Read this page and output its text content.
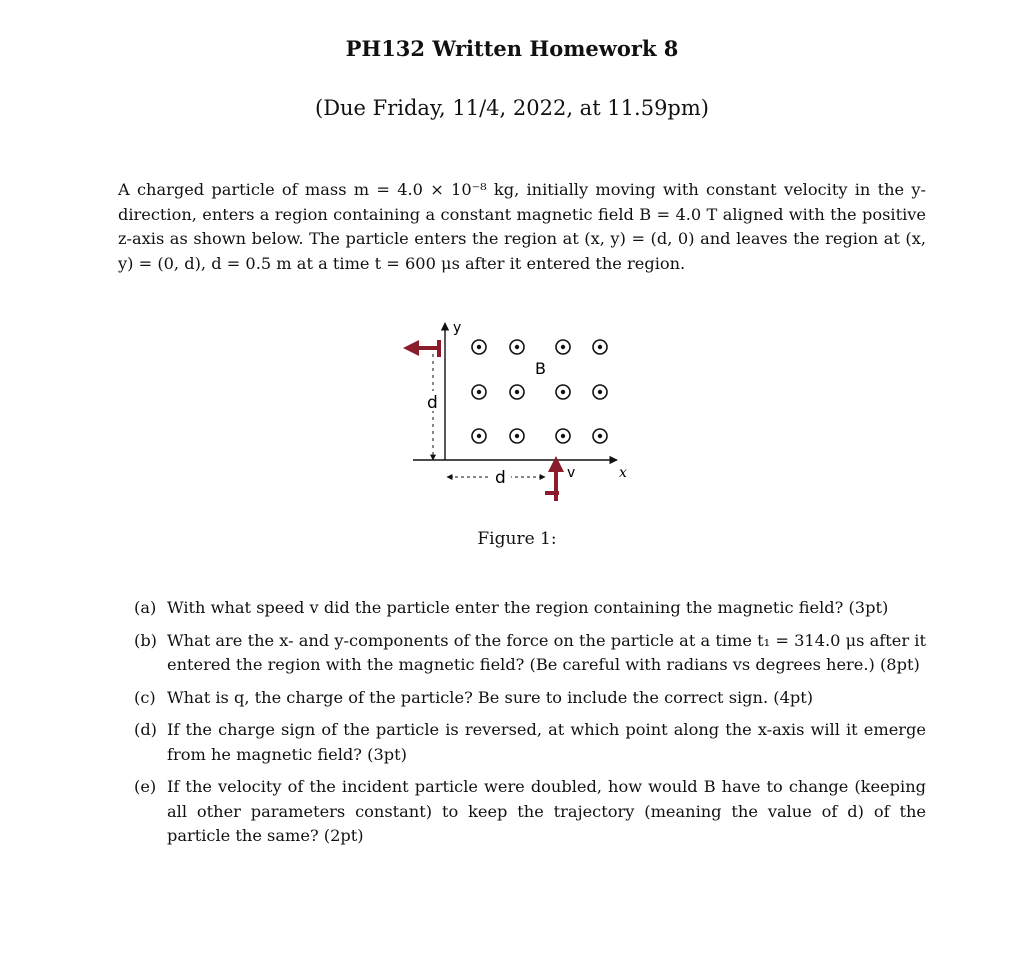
PH132 Written Homework 8
(Due Friday, 11/4, 2022, at 11.59pm)

A charged particle of mass m = 4.0 × 10⁻⁸ kg, initially moving with constant velocity in the y-direction, enters a region containing a constant magnetic field B = 4.0 T aligned with the positive z-axis as shown below. The particle enters the region at (x, y) = (d, 0) and leaves the region at (x, y) = (0, d), d = 0.5 m at a time t = 600 μs after it entered the region.

y
x
d
d
B
v
Figure 1:
(a) With what speed v did the particle enter the region containing the magnetic field? (3pt)
(b) What are the x- and y-components of the force on the particle at a time t₁ = 314.0 μs after it entered the region with the magnetic field? (Be careful with radians vs degrees here.) (8pt)
(c) What is q, the charge of the particle? Be sure to include the correct sign. (4pt)
(d) If the charge sign of the particle is reversed, at which point along the x-axis will it emerge from he magnetic field? (3pt)
(e) If the velocity of the incident particle were doubled, how would B have to change (keeping all other parameters constant) to keep the trajectory (meaning the value of d) of the particle the same? (2pt)
